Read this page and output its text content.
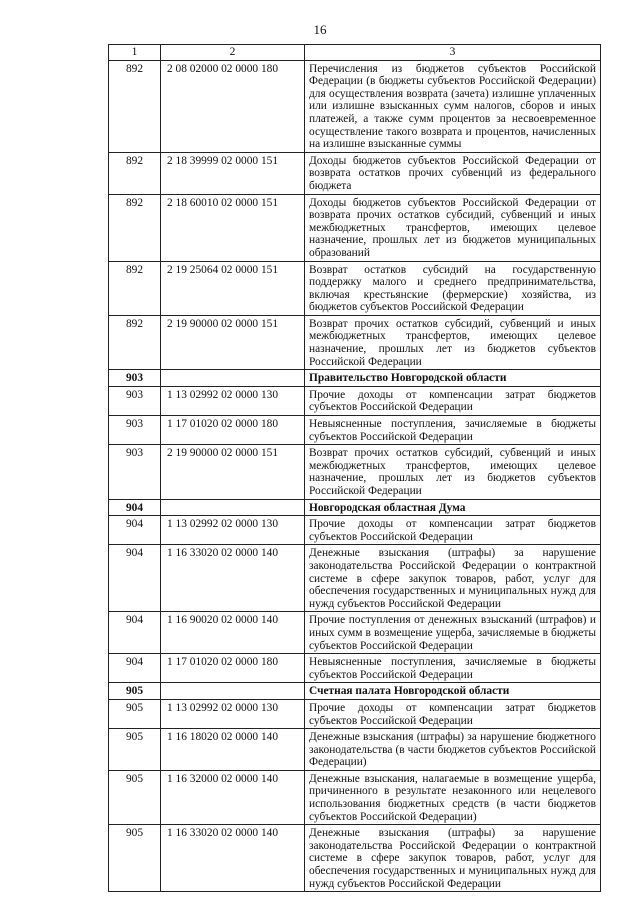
16
1	2	3
892	2 08 02000 02 0000 180	Перечисления из бюджетов субъектов Российской Федерации (в бюджеты субъектов Российской Федерации) для осуществления возврата (зачета) излишне уплаченных или излишне взысканных сумм налогов, сборов и иных платежей, а также сумм процентов за несвоевременное осуществление такого возврата и процентов, начисленных на излишне взысканные суммы
892	2 18 39999 02 0000 151	Доходы бюджетов субъектов Российской Федерации от возврата остатков прочих субвенций из федерального бюджета
892	2 18 60010 02 0000 151	Доходы бюджетов субъектов Российской Федерации от возврата прочих остатков субсидий, субвенций и иных межбюджетных трансфертов, имеющих целевое назначение, прошлых лет из бюджетов муниципальных образований
892	2 19 25064 02 0000 151	Возврат остатков субсидий на государственную поддержку малого и среднего предпринимательства, включая крестьянские (фермерские) хозяйства, из бюджетов субъектов Российской Федерации
892	2 19 90000 02 0000 151	Возврат прочих остатков субсидий, субвенций и иных межбюджетных трансфертов, имеющих целевое назначение, прошлых лет из бюджетов субъектов Российской Федерации
903		Правительство Новгородской области
903	1 13 02992 02 0000 130	Прочие доходы от компенсации затрат бюджетов субъектов Российской Федерации
903	1 17 01020 02 0000 180	Невыясненные поступления, зачисляемые в бюджеты субъектов Российской Федерации
903	2 19 90000 02 0000 151	Возврат прочих остатков субсидий, субвенций и иных межбюджетных трансфертов, имеющих целевое назначение, прошлых лет из бюджетов субъектов Российской Федерации
904		Новгородская областная Дума
904	1 13 02992 02 0000 130	Прочие доходы от компенсации затрат бюджетов субъектов Российской Федерации
904	1 16 33020 02 0000 140	Денежные взыскания (штрафы) за нарушение законодательства Российской Федерации о контрактной системе в сфере закупок товаров, работ, услуг для обеспечения государственных и муниципальных нужд для нужд субъектов Российской Федерации
904	1 16 90020 02 0000 140	Прочие поступления от денежных взысканий (штрафов) и иных сумм в возмещение ущерба, зачисляемые в бюджеты субъектов Российской Федерации
904	1 17 01020 02 0000 180	Невыясненные поступления, зачисляемые в бюджеты субъектов Российской Федерации
905		Счетная палата Новгородской области
905	1 13 02992 02 0000 130	Прочие доходы от компенсации затрат бюджетов субъектов Российской Федерации
905	1 16 18020 02 0000 140	Денежные взыскания (штрафы) за нарушение бюджетного законодательства (в части бюджетов субъектов Российской Федерации)
905	1 16 32000 02 0000 140	Денежные взыскания, налагаемые в возмещение ущерба, причиненного в результате незаконного или нецелевого использования бюджетных средств (в части бюджетов субъектов Российской Федерации)
905	1 16 33020 02 0000 140	Денежные взыскания (штрафы) за нарушение законодательства Российской Федерации о контрактной системе в сфере закупок товаров, работ, услуг для обеспечения государственных и муниципальных нужд для нужд субъектов Российской Федерации
